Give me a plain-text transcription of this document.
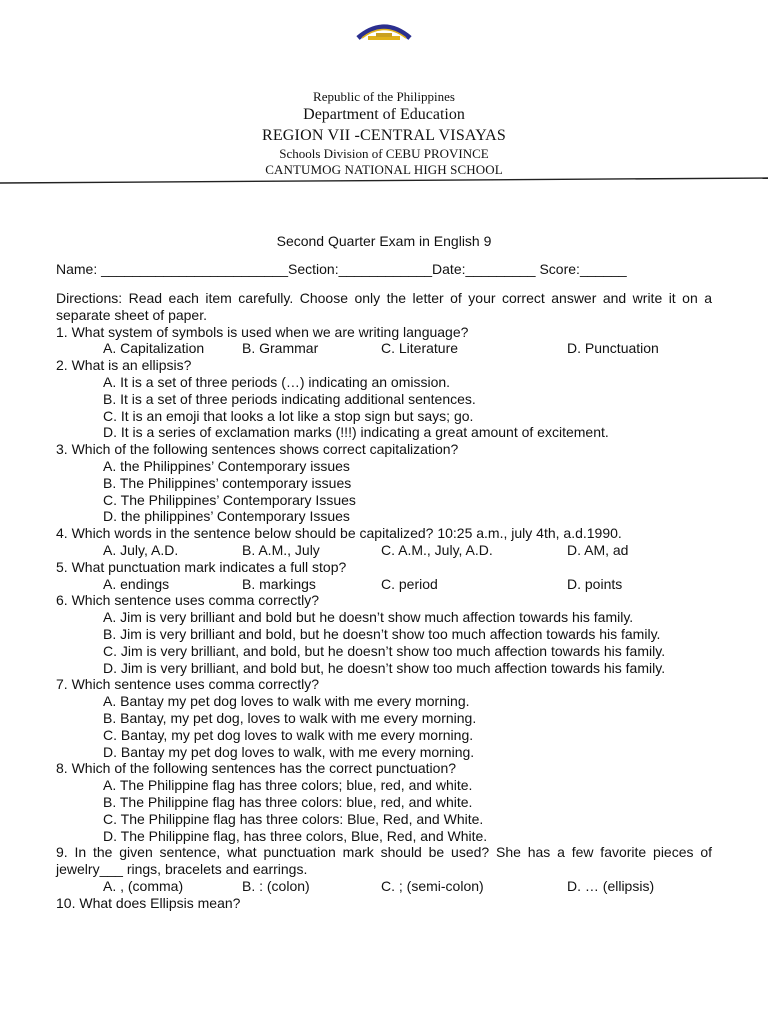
Republic of the Philippines
Department of Education
REGION VII -CENTRAL VISAYAS
Schools Division of CEBU PROVINCE
CANTUMOG NATIONAL HIGH SCHOOL
Second Quarter Exam in English 9
Name: ________________________Section:____________Date:_________ Score:______

Directions: Read each item carefully. Choose only the letter of your correct answer and write it on a separate sheet of paper.

1. What system of symbols is used when we are writing language?

A. Capitalization	B. Grammar	C. Literature	D. Punctuation

2. What is an ellipsis?

A. It is a set of three periods (…) indicating an omission.

B. It is a set of three periods indicating additional sentences.

C. It is an emoji that looks a lot like a stop sign but says; go.

D. It is a series of exclamation marks (!!!) indicating a great amount of excitement.

3. Which of the following sentences shows correct capitalization?

A. the Philippines’ Contemporary issues

B. The Philippines’ contemporary issues

C. The Philippines’ Contemporary Issues

D. the philippines’ Contemporary Issues

4. Which words in the sentence below should be capitalized? 10:25 a.m., july 4th, a.d.1990.

A. July, A.D.	B. A.M., July	C. A.M., July, A.D.	D. AM, ad

5. What punctuation mark indicates a full stop?

A. endings	B. markings	C. period	D. points

6. Which sentence uses comma correctly?

A. Jim is very brilliant and bold but he doesn’t show much affection towards his family.

B. Jim is very brilliant and bold, but he doesn’t show too much affection towards his family.

C. Jim is very brilliant, and bold, but he doesn’t show too much affection towards his family.

D. Jim is very brilliant, and bold but, he doesn’t show too much affection towards his family.

7. Which sentence uses comma correctly?

A. Bantay my pet dog loves to walk with me every morning.

B. Bantay, my pet dog, loves to walk with me every morning.

C. Bantay, my pet dog loves to walk with me every morning.

D. Bantay my pet dog loves to walk, with me every morning.

8. Which of the following sentences has the correct punctuation?

A. The Philippine flag has three colors; blue, red, and white.

B. The Philippine flag has three colors: blue, red, and white.

C. The Philippine flag has three colors: Blue, Red, and White.

D. The Philippine flag, has three colors, Blue, Red, and White.

9. In the given sentence, what punctuation mark should be used? She has a few favorite pieces of jewelry___ rings, bracelets and earrings.

A. , (comma)	B. : (colon)	C. ; (semi-colon)	D. … (ellipsis)

10. What does Ellipsis mean?
